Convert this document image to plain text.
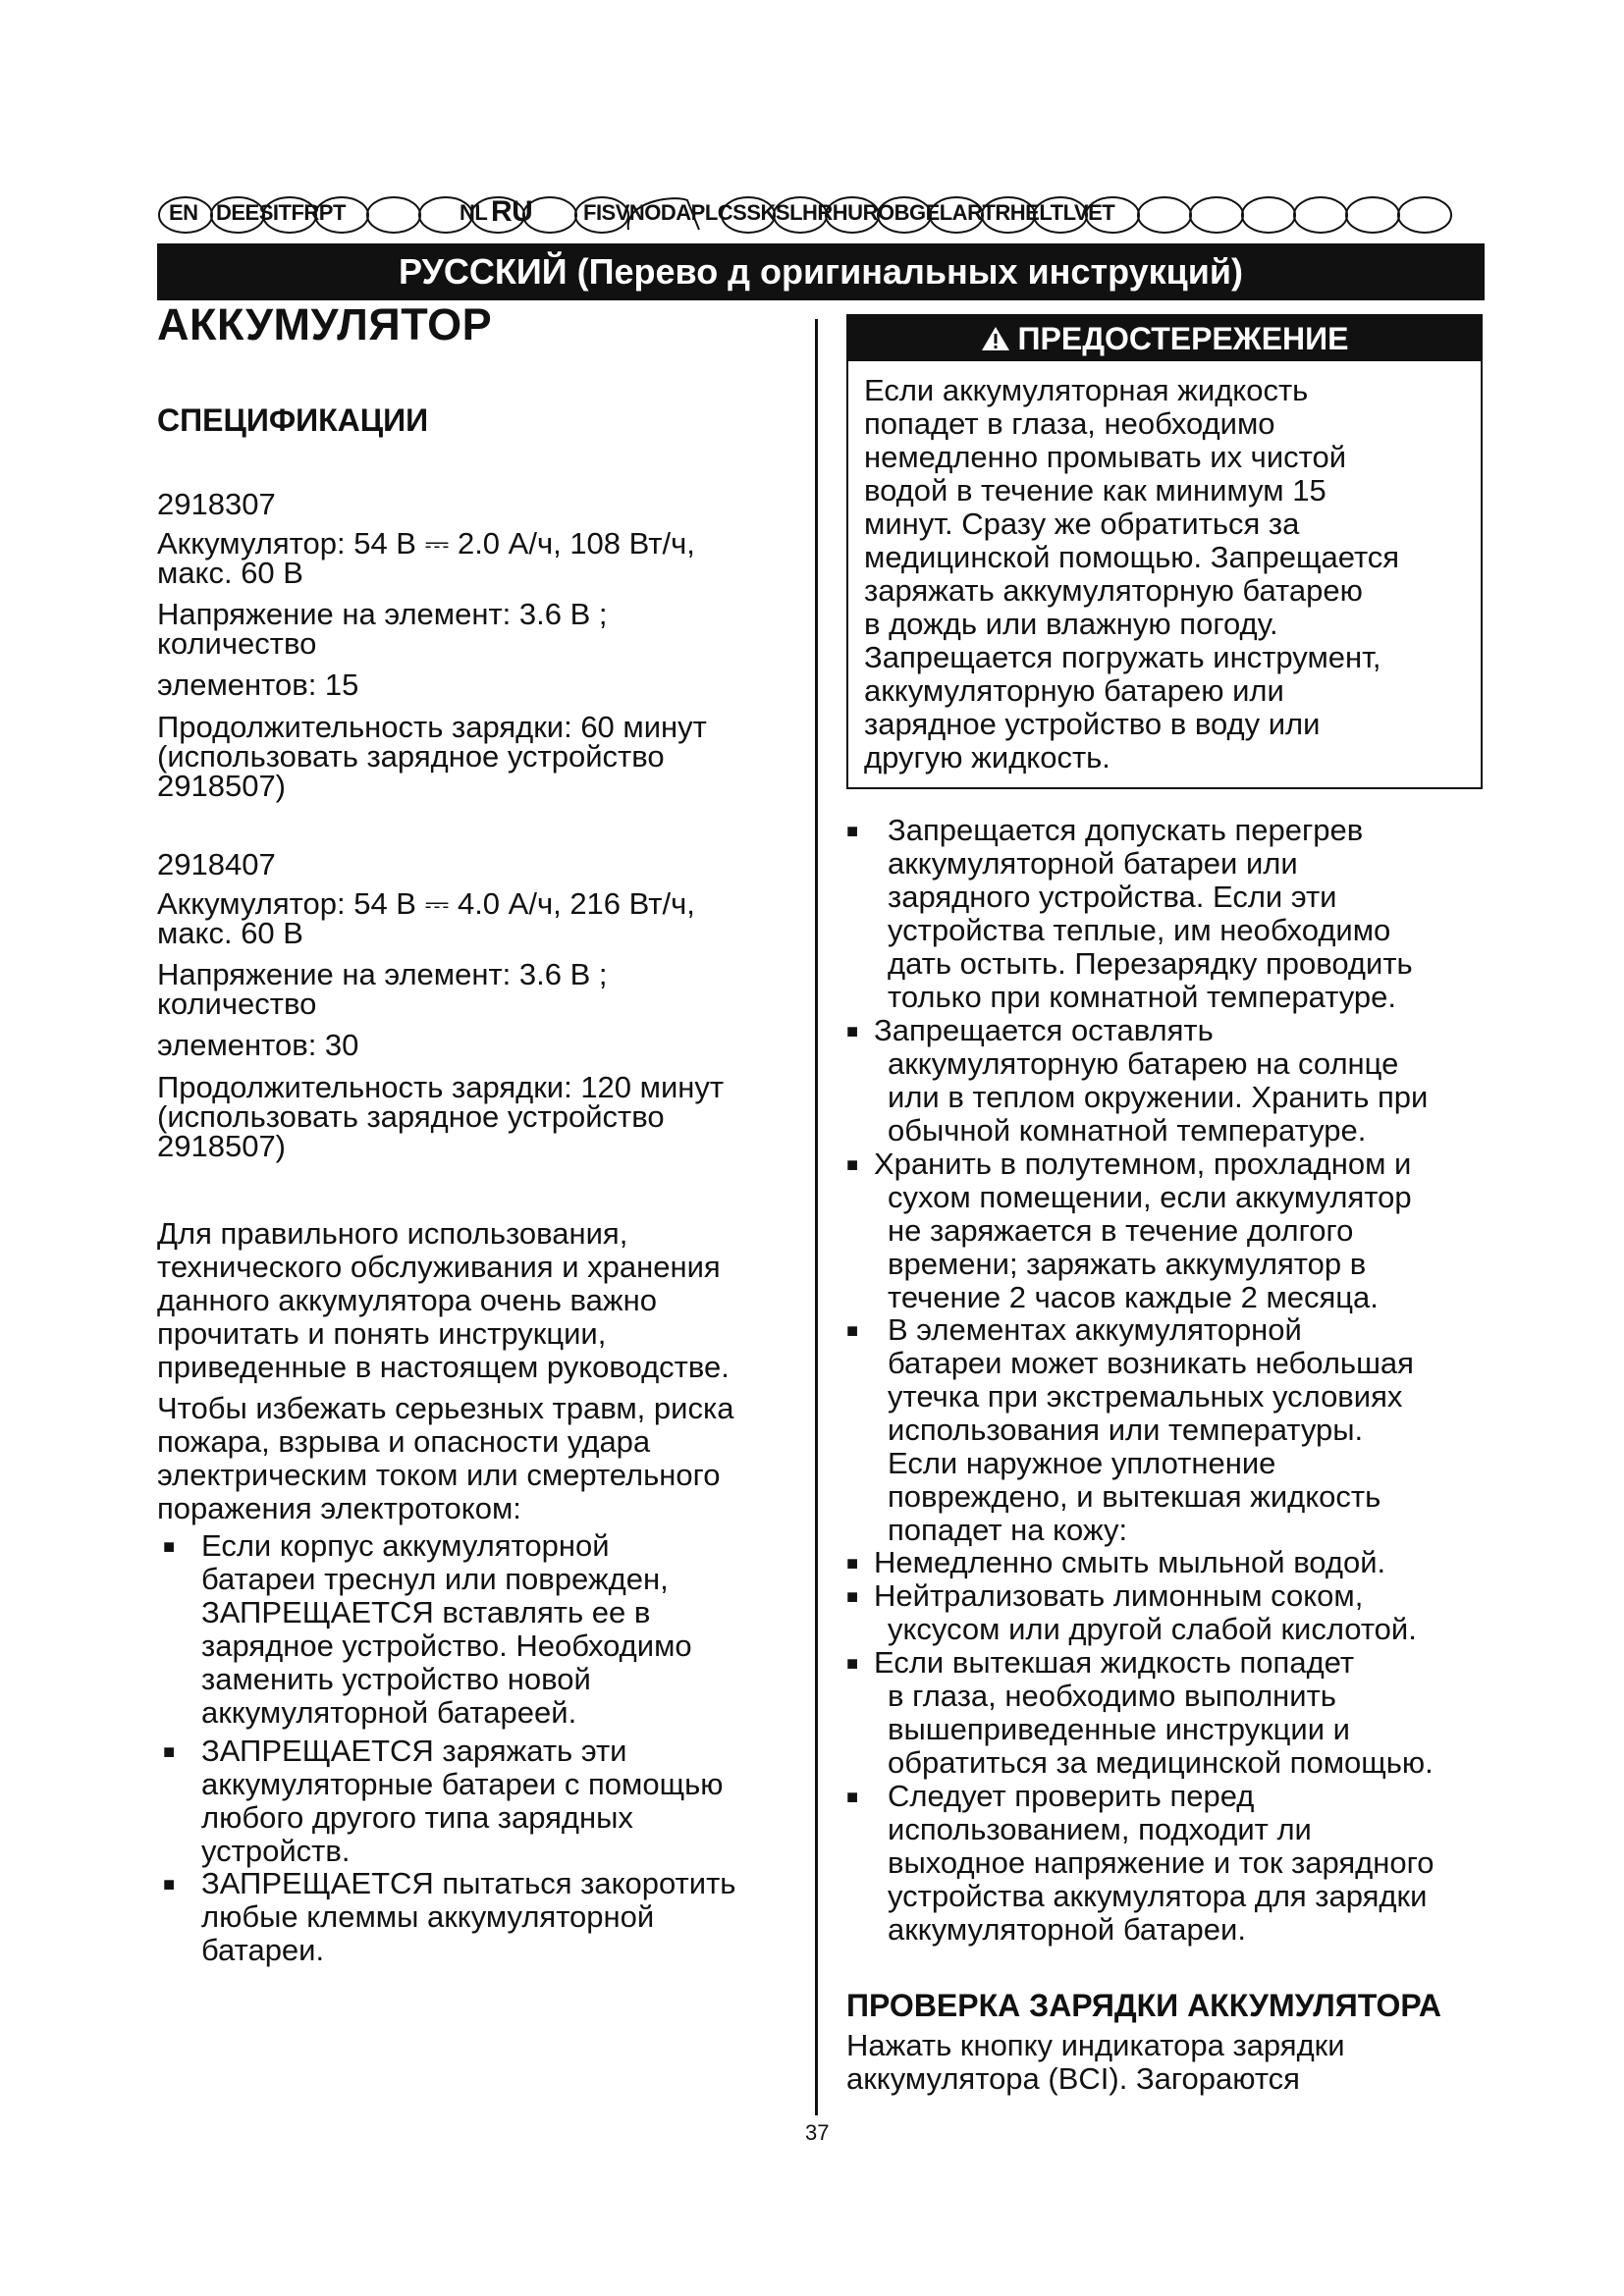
EN DEESITFRPT	NL RU FISVNODAPLCSSKSLHRHUROBGELARTRHELTLVET
РУССКИЙ (Перево д оригинальных инструкций)
АККУМУЛЯТОР
СПЕЦИФИКАЦИИ
2918307
Аккумулятор: 54 В ⎓ 2.0 А/ч, 108 Вт/ч,
макс. 60 В
Напряжение на элемент: 3.6 В ;
количество
элементов: 15
Продолжительность зарядки: 60 минут
(использовать зарядное устройство
2918507)
2918407
Аккумулятор: 54 В ⎓ 4.0 А/ч, 216 Вт/ч,
макс. 60 В
Напряжение на элемент: 3.6 В ;
количество
элементов: 30
Продолжительность зарядки: 120 минут
(использовать зарядное устройство
2918507)
Для правильного использования,
технического обслуживания и хранения
данного аккумулятора очень важно
прочитать и понять инструкции,
приведенные в настоящем руководстве.
Чтобы избежать серьезных травм, риска
пожара, взрыва и опасности удара
электрическим током или смертельного
поражения электротоком:
■ Если корпус аккумуляторной
батареи треснул или поврежден,
ЗАПРЕЩАЕТСЯ вставлять ее в
зарядное устройство. Необходимо
заменить устройство новой
аккумуляторной батареей.
■ ЗАПРЕЩАЕТСЯ заряжать эти
аккумуляторные батареи с помощью
любого другого типа зарядных
устройств.
■ ЗАПРЕЩАЕТСЯ пытаться закоротить
любые клеммы аккумуляторной
батареи.
ПРЕДОСТЕРЕЖЕНИЕ
Если аккумуляторная жидкость
попадет в глаза, необходимо
немедленно промывать их чистой
водой в течение как минимум 15
минут. Сразу же обратиться за
медицинской помощью. Запрещается
заряжать аккумуляторную батарею
в дождь или влажную погоду.
Запрещается погружать инструмент,
аккумуляторную батарею или
зарядное устройство в воду или
другую жидкость.
■ Запрещается допускать перегрев
аккумуляторной батареи или
зарядного устройства. Если эти
устройства теплые, им необходимо
дать остыть. Перезарядку проводить
только при комнатной температуре.
■ Запрещается оставлять
аккумуляторную батарею на солнце
или в теплом окружении. Хранить при
обычной комнатной температуре.
■ Хранить в полутемном, прохладном и
сухом помещении, если аккумулятор
не заряжается в течение долгого
времени; заряжать аккумулятор в
течение 2 часов каждые 2 месяца.
■ В элементах аккумуляторной
батареи может возникать небольшая
утечка при экстремальных условиях
использования или температуры.
Если наружное уплотнение
повреждено, и вытекшая жидкость
попадет на кожу:
■ Немедленно смыть мыльной водой.
■ Нейтрализовать лимонным соком,
уксусом или другой слабой кислотой.
■ Если вытекшая жидкость попадет
в глаза, необходимо выполнить
вышеприведенные инструкции и
обратиться за медицинской помощью.
■ Следует проверить перед
использованием, подходит ли
выходное напряжение и ток зарядного
устройства аккумулятора для зарядки
аккумуляторной батареи.
ПРОВЕРКА ЗАРЯДКИ АККУМУЛЯТОРА
Нажать кнопку индикатора зарядки
аккумулятора (BCI). Загораются
37
